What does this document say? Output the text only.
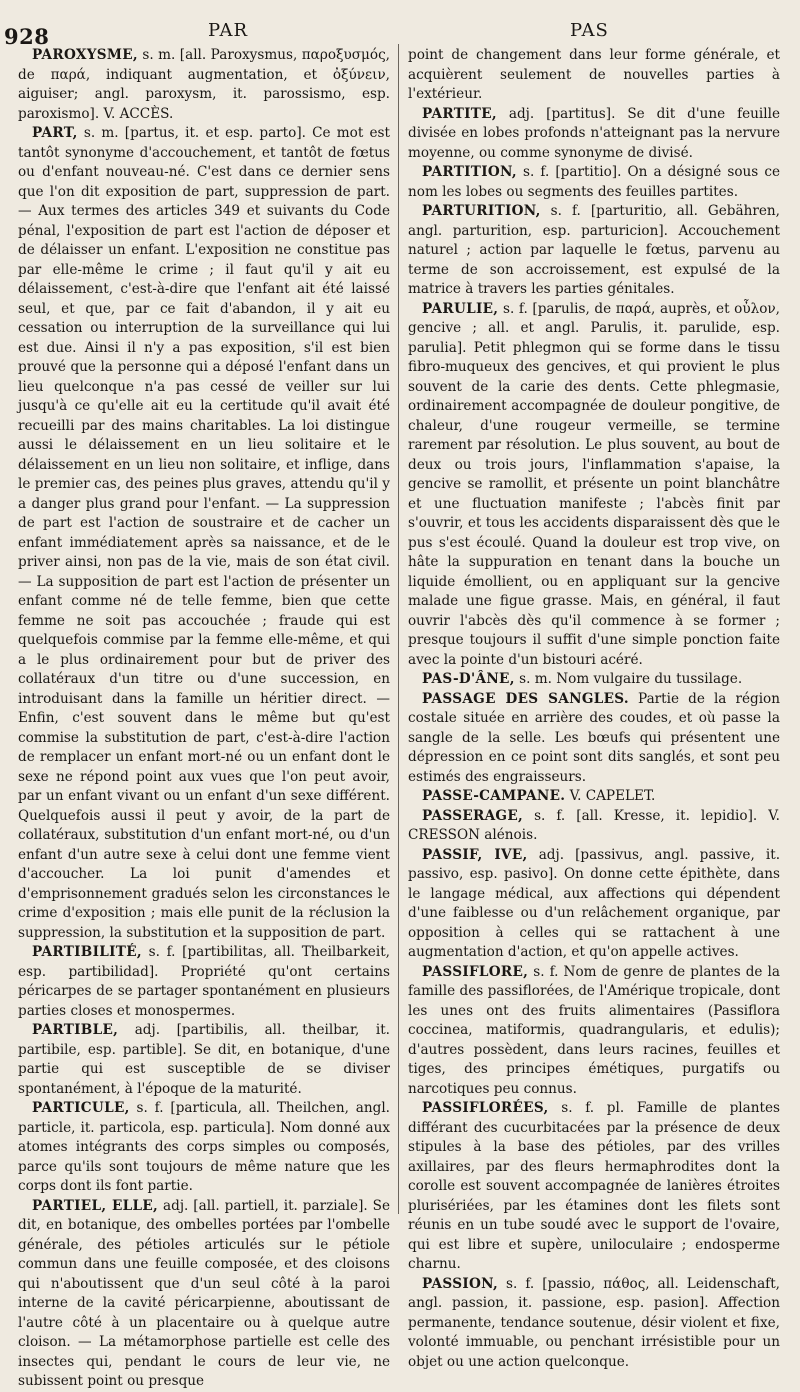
928	PAR	PAS

PAROXYSME, s. m. [all. Paroxysmus, παροξυσμός, de παρά, indiquant augmentation, et ὀξύνειν, aiguiser; angl. paroxysm, it. parossismo, esp. paroxismo]. V. ACCÈS.

PART, s. m. [partus, it. et esp. parto]. Ce mot est tantôt synonyme d'accouchement, et tantôt de fœtus ou d'enfant nouveau-né. C'est dans ce dernier sens que l'on dit exposition de part, suppression de part. — Aux termes des articles 349 et suivants du Code pénal, l'exposition de part est l'action de déposer et de délaisser un enfant. L'exposition ne constitue pas par elle-même le crime ; il faut qu'il y ait eu délaissement, c'est-à-dire que l'enfant ait été laissé seul, et que, par ce fait d'abandon, il y ait eu cessation ou interruption de la surveillance qui lui est due. Ainsi il n'y a pas exposition, s'il est bien prouvé que la personne qui a déposé l'enfant dans un lieu quelconque n'a pas cessé de veiller sur lui jusqu'à ce qu'elle ait eu la certitude qu'il avait été recueilli par des mains charitables. La loi distingue aussi le délaissement en un lieu solitaire et le délaissement en un lieu non solitaire, et inflige, dans le premier cas, des peines plus graves, attendu qu'il y a danger plus grand pour l'enfant. — La suppression de part est l'action de soustraire et de cacher un enfant immédiatement après sa naissance, et de le priver ainsi, non pas de la vie, mais de son état civil. — La supposition de part est l'action de présenter un enfant comme né de telle femme, bien que cette femme ne soit pas accouchée ; fraude qui est quelquefois commise par la femme elle-même, et qui a le plus ordinairement pour but de priver des collatéraux d'un titre ou d'une succession, en introduisant dans la famille un héritier direct. — Enfin, c'est souvent dans le même but qu'est commise la substitution de part, c'est-à-dire l'action de remplacer un enfant mort-né ou un enfant dont le sexe ne répond point aux vues que l'on peut avoir, par un enfant vivant ou un enfant d'un sexe différent. Quelquefois aussi il peut y avoir, de la part de collatéraux, substitution d'un enfant mort-né, ou d'un enfant d'un autre sexe à celui dont une femme vient d'accoucher. La loi punit d'amendes et d'emprisonnement gradués selon les circonstances le crime d'exposition ; mais elle punit de la réclusion la suppression, la substitution et la supposition de part.

PARTIBILITÉ, s. f. [partibilitas, all. Theilbarkeit, esp. partibilidad]. Propriété qu'ont certains péricarpes de se partager spontanément en plusieurs parties closes et monospermes.

PARTIBLE, adj. [partibilis, all. theilbar, it. partibile, esp. partible]. Se dit, en botanique, d'une partie qui est susceptible de se diviser spontanément, à l'époque de la maturité.

PARTICULE, s. f. [particula, all. Theilchen, angl. particle, it. particola, esp. particula]. Nom donné aux atomes intégrants des corps simples ou composés, parce qu'ils sont toujours de même nature que les corps dont ils font partie.

PARTIEL, ELLE, adj. [all. partiell, it. parziale]. Se dit, en botanique, des ombelles portées par l'ombelle générale, des pétioles articulés sur le pétiole commun dans une feuille composée, et des cloisons qui n'aboutissent que d'un seul côté à la paroi interne de la cavité péricarpienne, aboutissant de l'autre côté à un placentaire ou à quelque autre cloison. — La métamorphose partielle est celle des insectes qui, pendant le cours de leur vie, ne subissent point ou presque

point de changement dans leur forme générale, et acquièrent seulement de nouvelles parties à l'extérieur.

PARTITE, adj. [partitus]. Se dit d'une feuille divisée en lobes profonds n'atteignant pas la nervure moyenne, ou comme synonyme de divisé.

PARTITION, s. f. [partitio]. On a désigné sous ce nom les lobes ou segments des feuilles partites.

PARTURITION, s. f. [parturitio, all. Gebähren, angl. parturition, esp. parturicion]. Accouchement naturel ; action par laquelle le fœtus, parvenu au terme de son accroissement, est expulsé de la matrice à travers les parties génitales.

PARULIE, s. f. [parulis, de παρά, auprès, et οὖλον, gencive ; all. et angl. Parulis, it. parulide, esp. parulia]. Petit phlegmon qui se forme dans le tissu fibro-muqueux des gencives, et qui provient le plus souvent de la carie des dents. Cette phlegmasie, ordinairement accompagnée de douleur pongitive, de chaleur, d'une rougeur vermeille, se termine rarement par résolution. Le plus souvent, au bout de deux ou trois jours, l'inflammation s'apaise, la gencive se ramollit, et présente un point blanchâtre et une fluctuation manifeste ; l'abcès finit par s'ouvrir, et tous les accidents disparaissent dès que le pus s'est écoulé. Quand la douleur est trop vive, on hâte la suppuration en tenant dans la bouche un liquide émollient, ou en appliquant sur la gencive malade une figue grasse. Mais, en général, il faut ouvrir l'abcès dès qu'il commence à se former ; presque toujours il suffit d'une simple ponction faite avec la pointe d'un bistouri acéré.

PAS-D'ÂNE, s. m. Nom vulgaire du tussilage.

PASSAGE DES SANGLES. Partie de la région costale située en arrière des coudes, et où passe la sangle de la selle. Les bœufs qui présentent une dépression en ce point sont dits sanglés, et sont peu estimés des engraisseurs.

PASSE-CAMPANE. V. CAPELET.

PASSERAGE, s. f. [all. Kresse, it. lepidio]. V. CRESSON alénois.

PASSIF, IVE, adj. [passivus, angl. passive, it. passivo, esp. pasivo]. On donne cette épithète, dans le langage médical, aux affections qui dépendent d'une faiblesse ou d'un relâchement organique, par opposition à celles qui se rattachent à une augmentation d'action, et qu'on appelle actives.

PASSIFLORE, s. f. Nom de genre de plantes de la famille des passiflorées, de l'Amérique tropicale, dont les unes ont des fruits alimentaires (Passiflora coccinea, matiformis, quadrangularis, et edulis); d'autres possèdent, dans leurs racines, feuilles et tiges, des principes émétiques, purgatifs ou narcotiques peu connus.

PASSIFLORÉES, s. f. pl. Famille de plantes différant des cucurbitacées par la présence de deux stipules à la base des pétioles, par des vrilles axillaires, par des fleurs hermaphrodites dont la corolle est souvent accompagnée de lanières étroites plurisériées, par les étamines dont les filets sont réunis en un tube soudé avec le support de l'ovaire, qui est libre et supère, uniloculaire ; endosperme charnu.

PASSION, s. f. [passio, πάθος, all. Leidenschaft, angl. passion, it. passione, esp. pasion]. Affection permanente, tendance soutenue, désir violent et fixe, volonté immuable, ou penchant irrésistible pour un objet ou une action quelconque.
